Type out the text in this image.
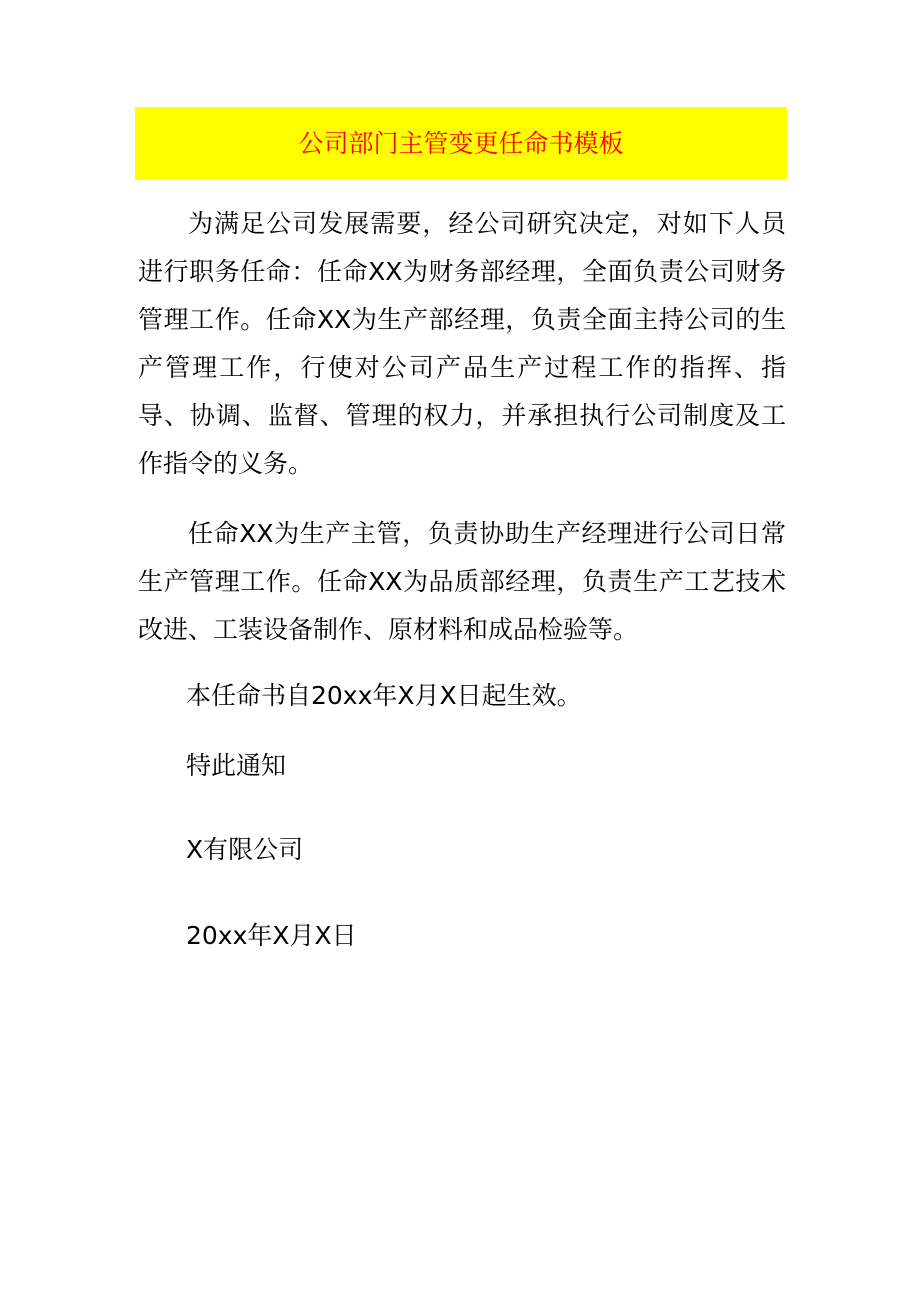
公司部门主管变更任命书模板

为满足公司发展需要，经公司研究决定，对如下人员进行职务任命：任命XX为财务部经理，全面负责公司财务管理工作。任命XX为生产部经理，负责全面主持公司的生产管理工作，行使对公司产品生产过程工作的指挥、指导、协调、监督、管理的权力，并承担执行公司制度及工作指令的义务。

任命XX为生产主管，负责协助生产经理进行公司日常生产管理工作。任命XX为品质部经理，负责生产工艺技术改进、工装设备制作、原材料和成品检验等。

本任命书自20xx年X月X日起生效。

特此通知

X有限公司

20xx年X月X日
